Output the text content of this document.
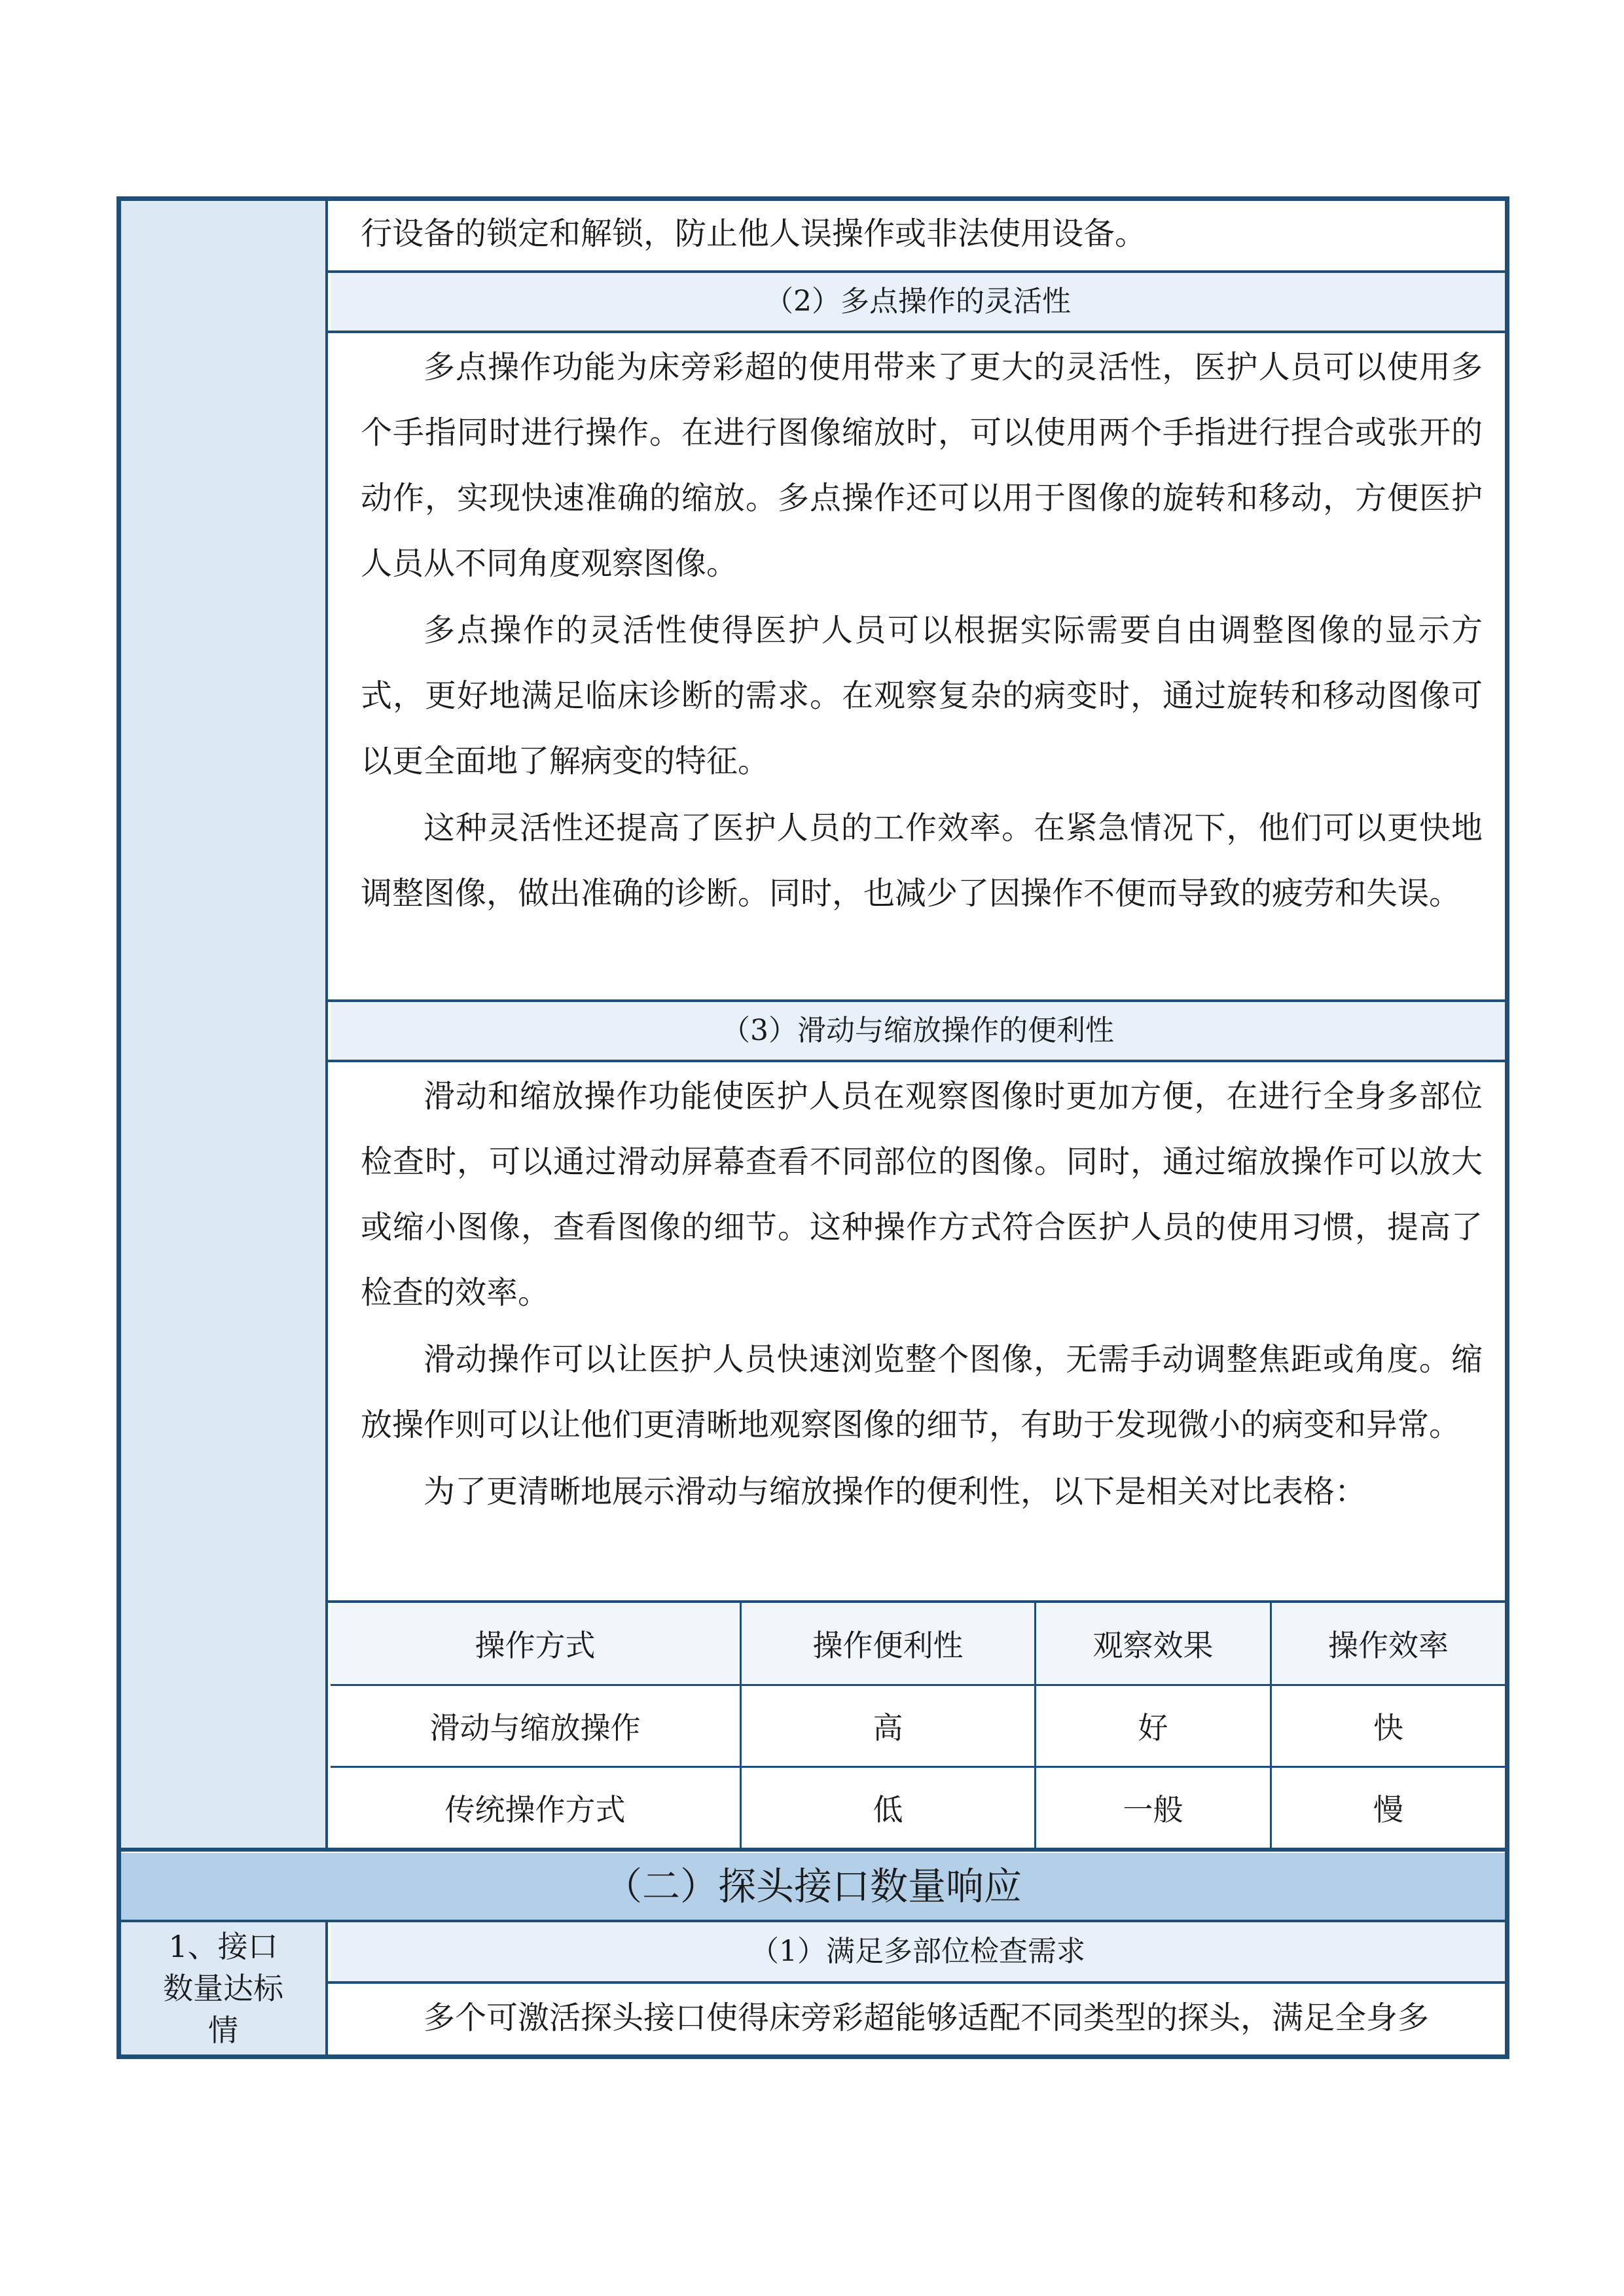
行设备的锁定和解锁，防止他人误操作或非法使用设备。

（2）多点操作的灵活性

多点操作功能为床旁彩超的使用带来了更大的灵活性，医护人员可以使用多个手指同时进行操作。在进行图像缩放时，可以使用两个手指进行捏合或张开的动作，实现快速准确的缩放。多点操作还可以用于图像的旋转和移动，方便医护人员从不同角度观察图像。

多点操作的灵活性使得医护人员可以根据实际需要自由调整图像的显示方式，更好地满足临床诊断的需求。在观察复杂的病变时，通过旋转和移动图像可以更全面地了解病变的特征。

这种灵活性还提高了医护人员的工作效率。在紧急情况下，他们可以更快地调整图像，做出准确的诊断。同时，也减少了因操作不便而导致的疲劳和失误。

（3）滑动与缩放操作的便利性

滑动和缩放操作功能使医护人员在观察图像时更加方便，在进行全身多部位检查时，可以通过滑动屏幕查看不同部位的图像。同时，通过缩放操作可以放大或缩小图像，查看图像的细节。这种操作方式符合医护人员的使用习惯，提高了检查的效率。

滑动操作可以让医护人员快速浏览整个图像，无需手动调整焦距或角度。缩放操作则可以让他们更清晰地观察图像的细节，有助于发现微小的病变和异常。

为了更清晰地展示滑动与缩放操作的便利性，以下是相关对比表格：

操作方式	操作便利性	观察效果	操作效率
滑动与缩放操作	高	好	快
传统操作方式	低	一般	慢
（二）探头接口数量响应
1、接口数量达标情
（1）满足多部位检查需求

多个可激活探头接口使得床旁彩超能够适配不同类型的探头，满足全身多
